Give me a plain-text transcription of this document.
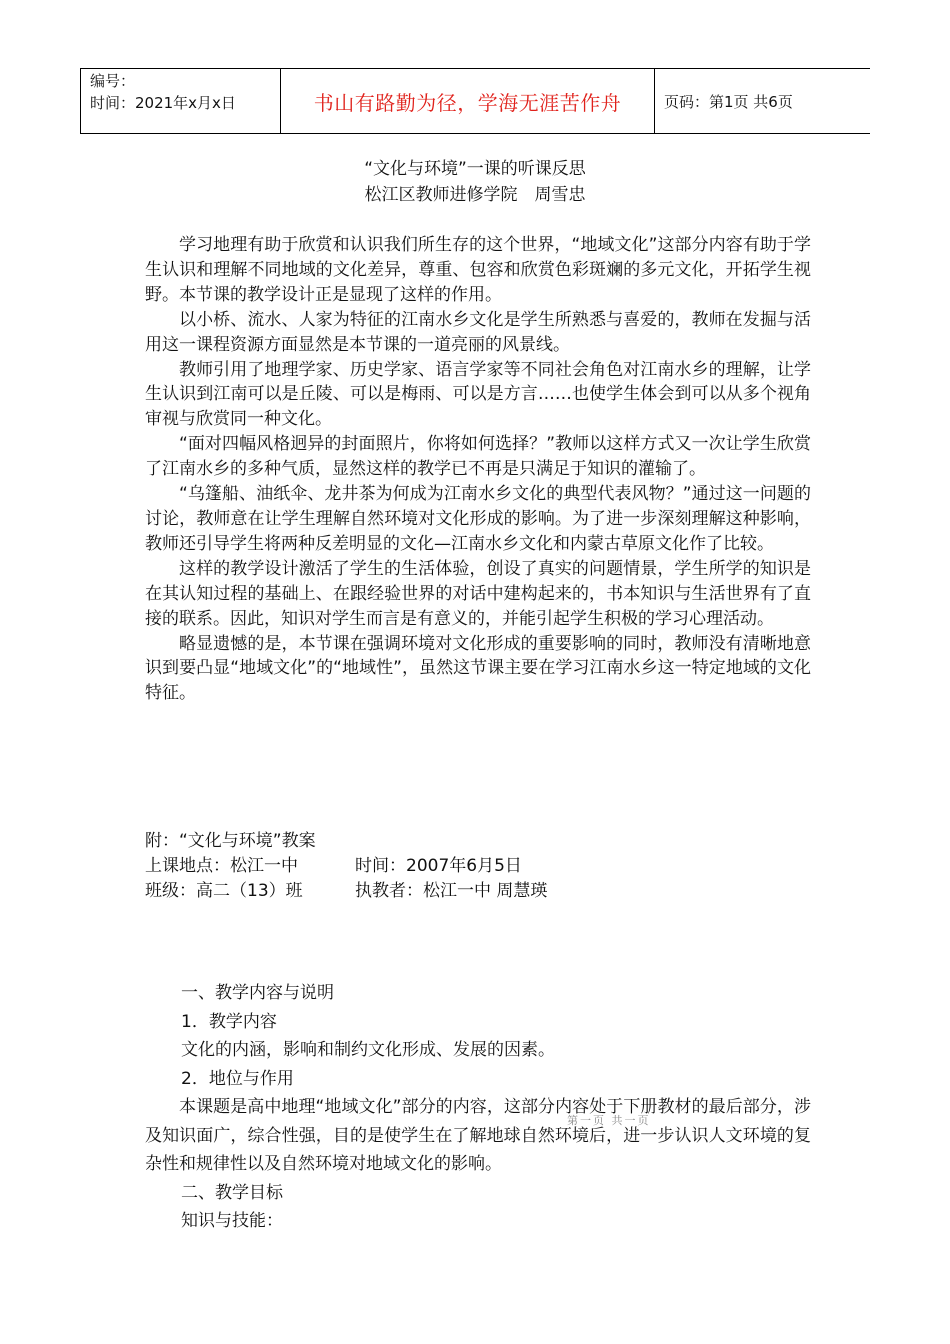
编号：
时间：2021年x月x日	书山有路勤为径，学海无涯苦作舟	页码：第1页 共6页
“文化与环境”一课的听课反思
松江区教师进修学院　周雪忠

学习地理有助于欣赏和认识我们所生存的这个世界，“地域文化”这部分内容有助于学生认识和理解不同地域的文化差异，尊重、包容和欣赏色彩斑斓的多元文化，开拓学生视野。本节课的教学设计正是显现了这样的作用。

以小桥、流水、人家为特征的江南水乡文化是学生所熟悉与喜爱的，教师在发掘与活用这一课程资源方面显然是本节课的一道亮丽的风景线。

教师引用了地理学家、历史学家、语言学家等不同社会角色对江南水乡的理解，让学生认识到江南可以是丘陵、可以是梅雨、可以是方言……也使学生体会到可以从多个视角审视与欣赏同一种文化。

“面对四幅风格迥异的封面照片，你将如何选择？”教师以这样方式又一次让学生欣赏了江南水乡的多种气质，显然这样的教学已不再是只满足于知识的灌输了。

“乌篷船、油纸伞、龙井茶为何成为江南水乡文化的典型代表风物？”通过这一问题的讨论，教师意在让学生理解自然环境对文化形成的影响。为了进一步深刻理解这种影响，教师还引导学生将两种反差明显的文化—江南水乡文化和内蒙古草原文化作了比较。

这样的教学设计激活了学生的生活体验，创设了真实的问题情景，学生所学的知识是在其认知过程的基础上、在跟经验世界的对话中建构起来的，书本知识与生活世界有了直接的联系。因此，知识对学生而言是有意义的，并能引起学生积极的学习心理活动。

略显遗憾的是，本节课在强调环境对文化形成的重要影响的同时，教师没有清晰地意识到要凸显“地域文化”的“地域性”，虽然这节课主要在学习江南水乡这一特定地域的文化特征。

附：“文化与环境”教案
上课地点：松江一中	时间：2007年6月5日
班级：高二（13）班	执教者：松江一中 周慧瑛
一、教学内容与说明
1．教学内容
文化的内涵，影响和制约文化形成、发展的因素。
2．地位与作用

本课题是高中地理“地域文化”部分的内容，这部分内容处于下册教材的最后部分，涉及知识面广，综合性强，目的是使学生在了解地球自然环境后，进一步认识人文环境的复杂性和规律性以及自然环境对地域文化的影响。

二、教学目标
知识与技能：
第一页 共一页
